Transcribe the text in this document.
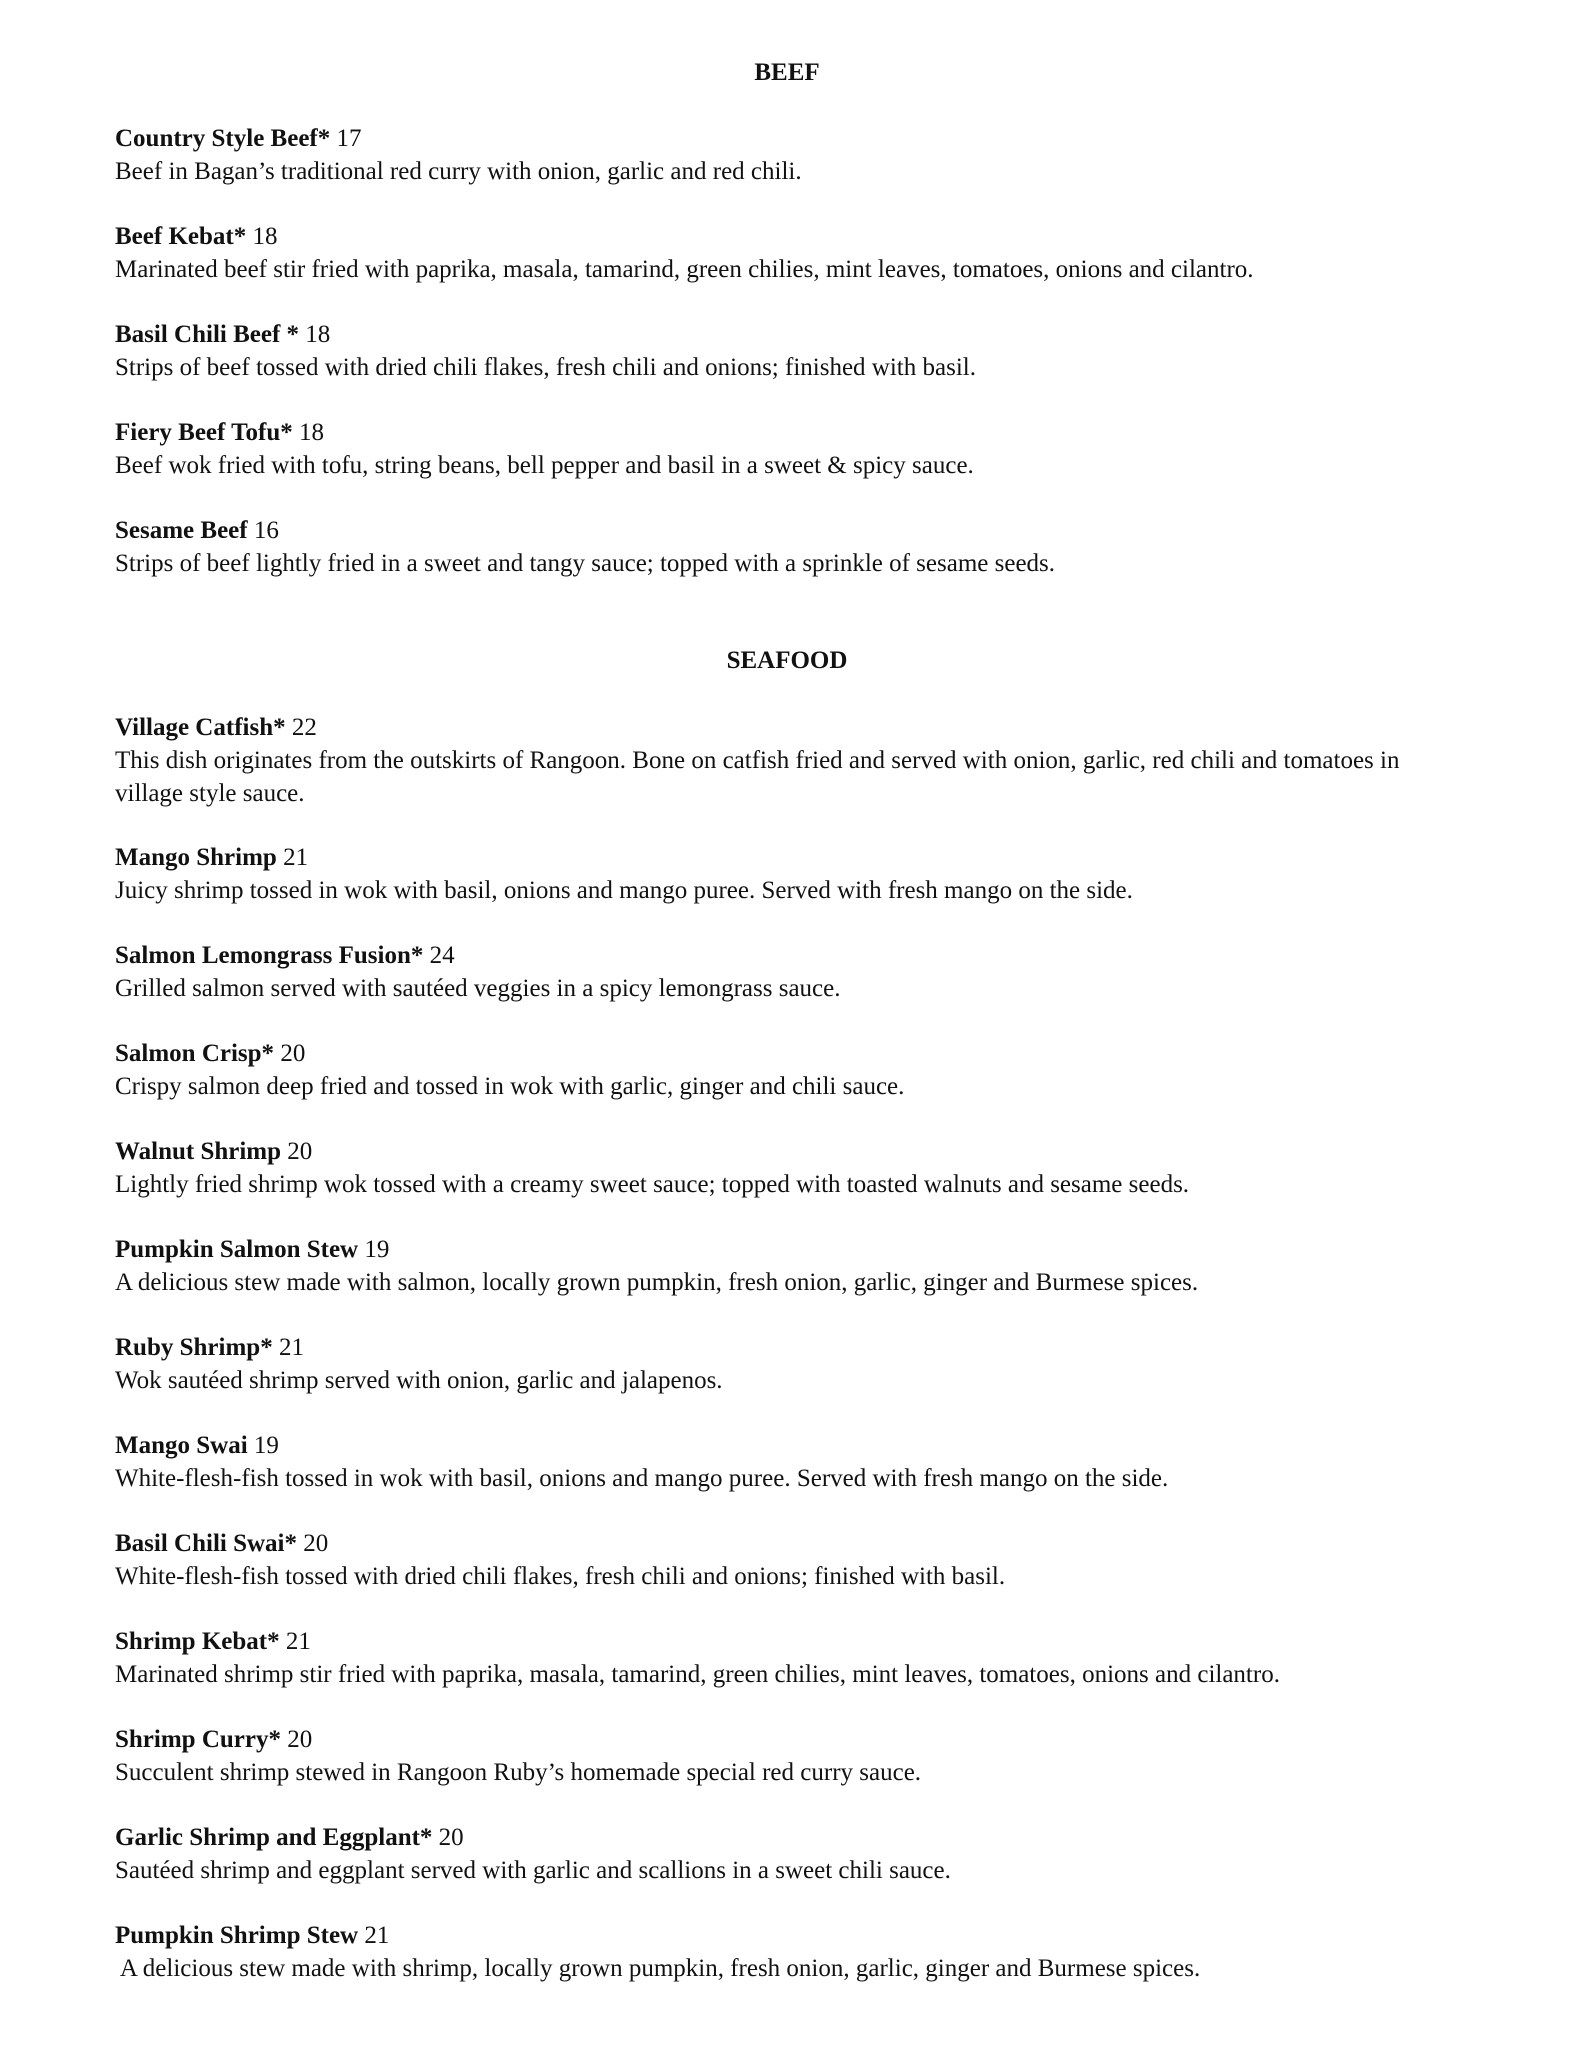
BEEF
Country Style Beef* 17
Beef in Bagan’s traditional red curry with onion, garlic and red chili.
Beef Kebat* 18
Marinated beef stir fried with paprika, masala, tamarind, green chilies, mint leaves, tomatoes, onions and cilantro.
Basil Chili Beef * 18
Strips of beef tossed with dried chili flakes, fresh chili and onions; finished with basil.
Fiery Beef Tofu* 18
Beef wok fried with tofu, string beans, bell pepper and basil in a sweet & spicy sauce.
Sesame Beef 16
Strips of beef lightly fried in a sweet and tangy sauce; topped with a sprinkle of sesame seeds.
SEAFOOD
Village Catfish* 22
This dish originates from the outskirts of Rangoon. Bone on catfish fried and served with onion, garlic, red chili and tomatoes in village style sauce.
Mango Shrimp 21
Juicy shrimp tossed in wok with basil, onions and mango puree. Served with fresh mango on the side.
Salmon Lemongrass Fusion* 24
Grilled salmon served with sautéed veggies in a spicy lemongrass sauce.
Salmon Crisp* 20
Crispy salmon deep fried and tossed in wok with garlic, ginger and chili sauce.
Walnut Shrimp 20
Lightly fried shrimp wok tossed with a creamy sweet sauce; topped with toasted walnuts and sesame seeds.
Pumpkin Salmon Stew 19
A delicious stew made with salmon, locally grown pumpkin, fresh onion, garlic, ginger and Burmese spices.
Ruby Shrimp* 21
Wok sautéed shrimp served with onion, garlic and jalapenos.
Mango Swai 19
White-flesh-fish tossed in wok with basil, onions and mango puree. Served with fresh mango on the side.
Basil Chili Swai* 20
White-flesh-fish tossed with dried chili flakes, fresh chili and onions; finished with basil.
Shrimp Kebat* 21
Marinated shrimp stir fried with paprika, masala, tamarind, green chilies, mint leaves, tomatoes, onions and cilantro.
Shrimp Curry* 20
Succulent shrimp stewed in Rangoon Ruby’s homemade special red curry sauce.
Garlic Shrimp and Eggplant* 20
Sautéed shrimp and eggplant served with garlic and scallions in a sweet chili sauce.
Pumpkin Shrimp Stew 21
A delicious stew made with shrimp, locally grown pumpkin, fresh onion, garlic, ginger and Burmese spices.
